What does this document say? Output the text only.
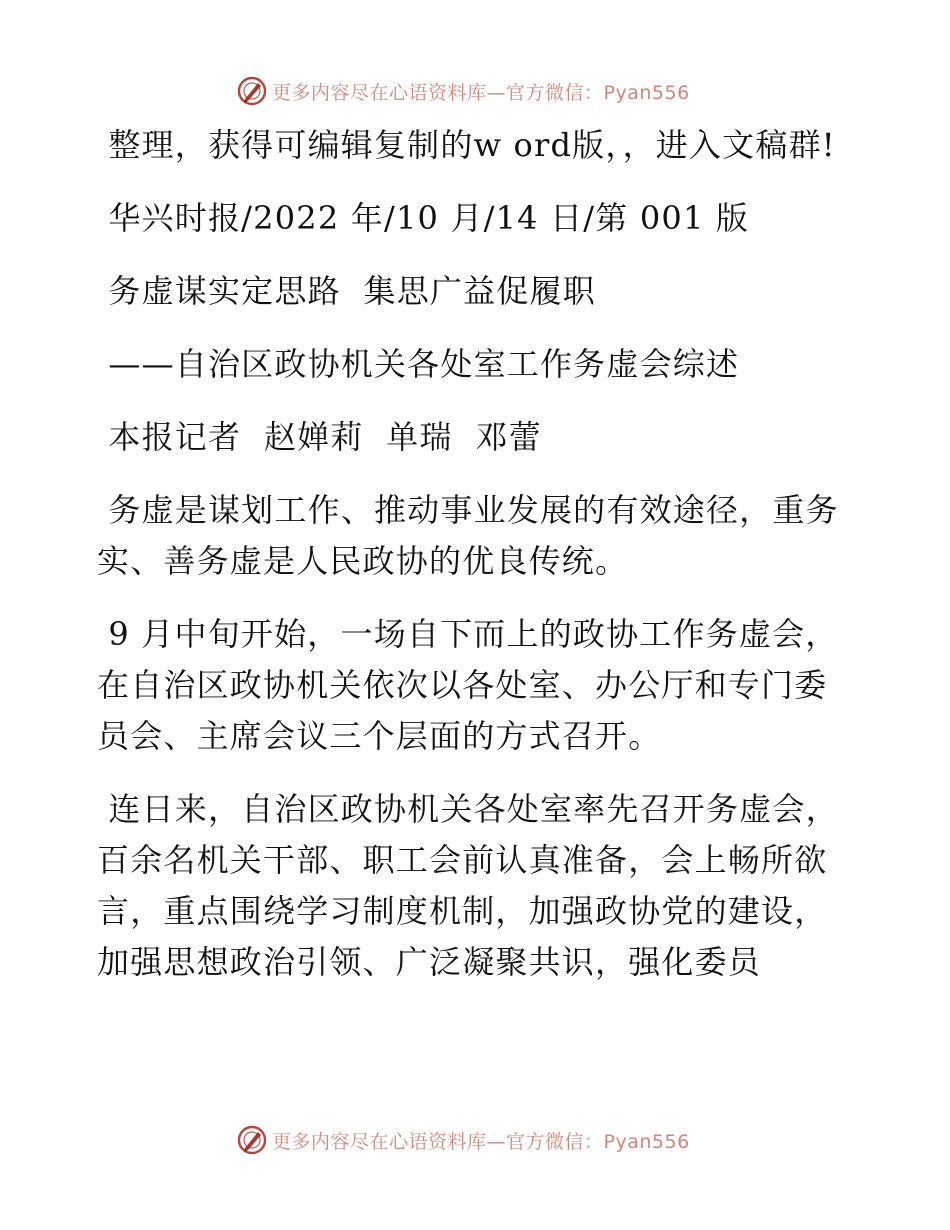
更多内容尽在心语资料库—官方微信：Pyan556

整理，获得可编辑复制的w ord版，，进入文稿群!

华兴时报/2022 年/10 月/14 日/第 001 版

务虚谋实定思路  集思广益促履职

——自治区政协机关各处室工作务虚会综述

本报记者  赵婵莉  单瑞  邓蕾

务虚是谋划工作、推动事业发展的有效途径，重务实、善务虚是人民政协的优良传统。

9 月中旬开始，一场自下而上的政协工作务虚会，在自治区政协机关依次以各处室、办公厅和专门委员会、主席会议三个层面的方式召开。

连日来，自治区政协机关各处室率先召开务虚会，百余名机关干部、职工会前认真准备，会上畅所欲言，重点围绕学习制度机制，加强政协党的建设，加强思想政治引领、广泛凝聚共识，强化委员

更多内容尽在心语资料库—官方微信：Pyan556
